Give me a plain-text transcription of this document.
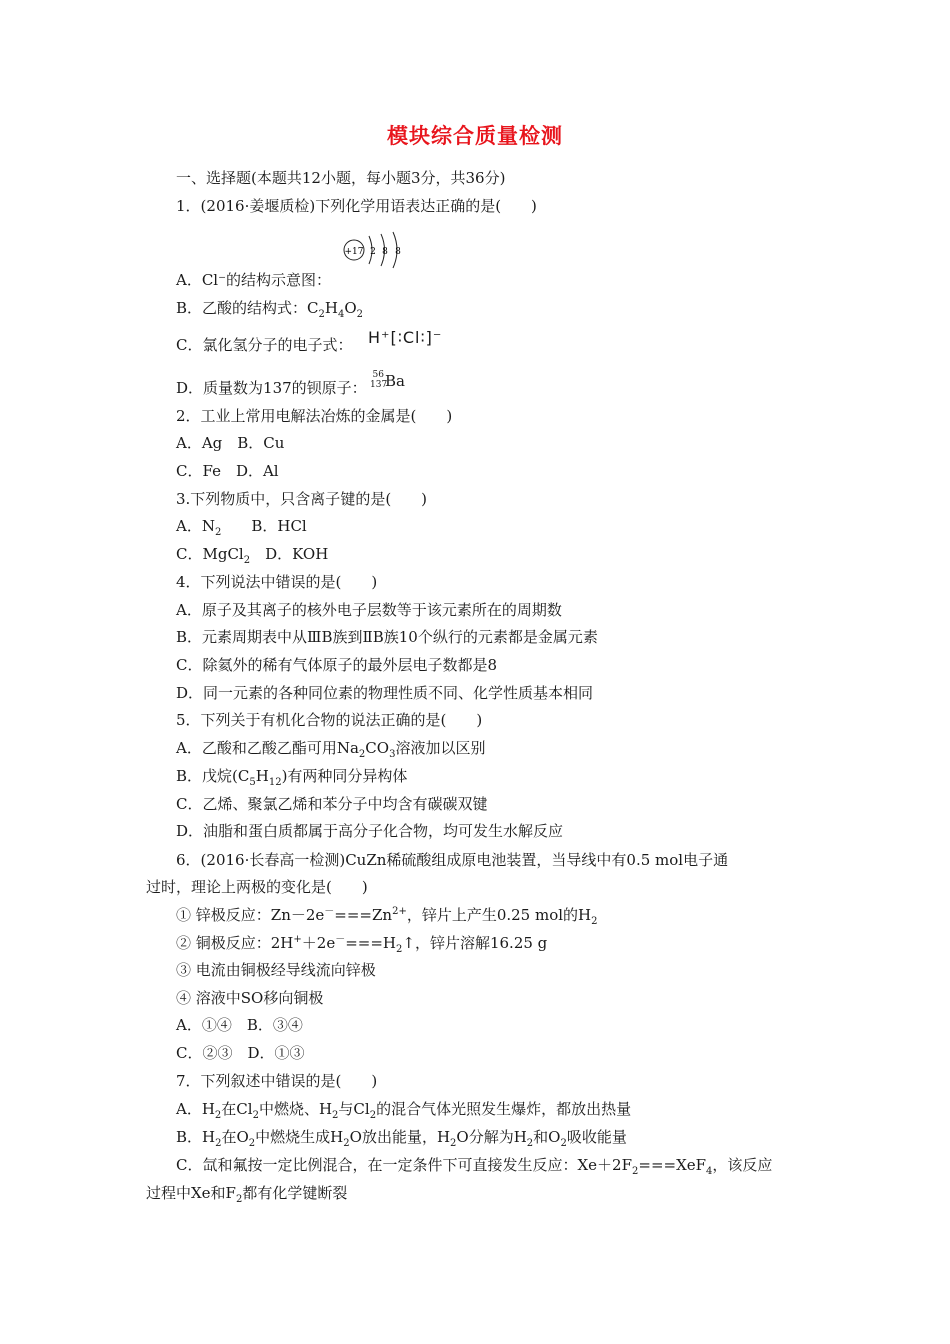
模块综合质量检测
一、选择题(本题共12小题，每小题3分，共36分)
1．(2016·姜堰质检)下列化学用语表达正确的是(　　)
+17 2 8 8
A．Cl⁻的结构示意图：
B．乙酸的结构式：$C_2H_4O_2$
C．氯化氢分子的电子式： H⁺[∶Cl∶]⁻
D．质量数为137的钡原子：
56
137
Ba
2．工业上常用电解法冶炼的金属是(　　)
A．Ag　B．Cu
C．Fe　D．Al
3.下列物质中，只含离子键的是(　　)
A．$N_2$　　B．HCl
C．MgCl$_2$　D．KOH
4．下列说法中错误的是(　　)
A．原子及其离子的核外电子层数等于该元素所在的周期数
B．元素周期表中从ⅢB族到ⅡB族10个纵行的元素都是金属元素
C．除氦外的稀有气体原子的最外层电子数都是8
D．同一元素的各种同位素的物理性质不同、化学性质基本相同
5．下列关于有机化合物的说法正确的是(　　)
A．乙酸和乙酸乙酯可用$Na_2CO_3$溶液加以区别
B．戊烷$(C_5H_{12})$有两种同分异构体
C．乙烯、聚氯乙烯和苯分子中均含有碳碳双键
D．油脂和蛋白质都属于高分子化合物，均可发生水解反应
6．(2016·长春高一检测)CuZn稀硫酸组成原电池装置，当导线中有0.5 mol电子通
过时，理论上两极的变化是(　　)
① 锌极反应：$Zn-2e^-===Zn^{2+}$，锌片上产生0.25 mol的$H_2$
② 铜极反应：$2H^++2e^-===H_2↑$，锌片溶解16.25 g
③ 电流由铜极经导线流向锌极
④ 溶液中SO移向铜极
A．①④　B．③④
C．②③　D．①③
7．下列叙述中错误的是(　　)
A．$H_2$在$Cl_2$中燃烧、$H_2$与$Cl_2$的混合气体光照发生爆炸，都放出热量
B．$H_2$在$O_2$中燃烧生成$H_2O$放出能量，$H_2O$分解为$H_2$和$O_2$吸收能量
C．氙和氟按一定比例混合，在一定条件下可直接发生反应：$Xe+2F_2===XeF_4$，该反应
过程中Xe和$F_2$都有化学键断裂
